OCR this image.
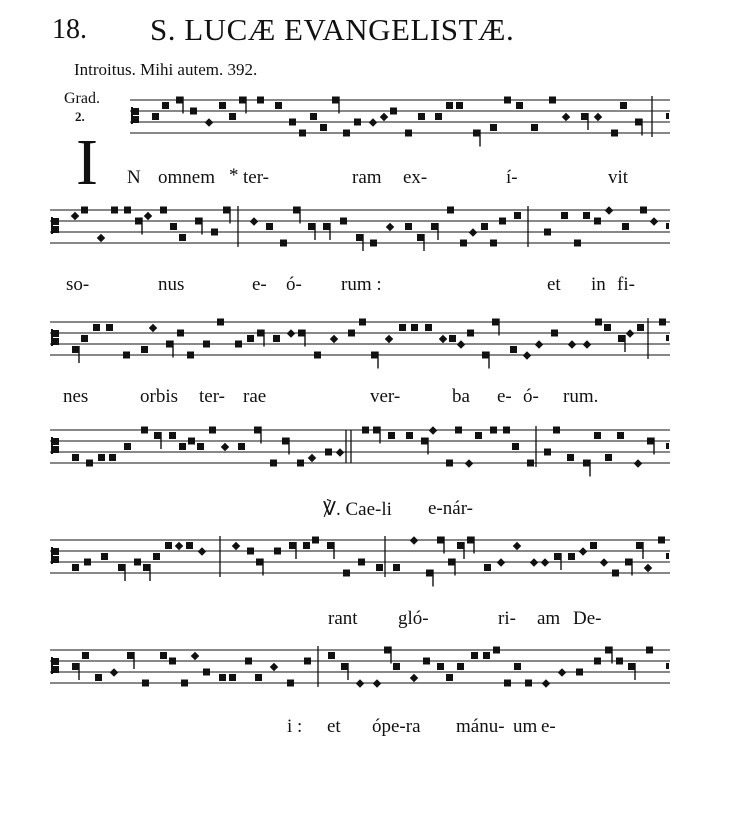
18. S. LUCÆ EVANGELISTÆ.
Introitus. Mihi autem. 392.
Grad.
2.
I N omnem * ter-	ram ex-	í-	vit
so-	nus	e- ó- rum :	et in fi-
nes	orbis ter- rae	ver-	ba e- ó- rum.
℣. Cae-li e-nár-
rant gló-	ri- am De-
i : et ópe-ra mánu- um e-
